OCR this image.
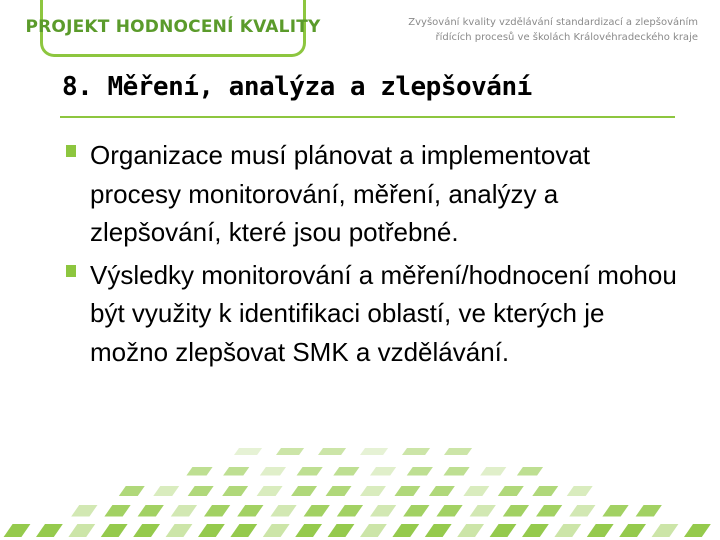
PROJEKT HODNOCENÍ KVALITY	Zvyšování kvality vzdělávání standardizací a zlepšováním
řídících procesů ve školách Královéhradeckého kraje
8. Měření, analýza a zlepšování
Organizace musí plánovat a implementovat procesy monitorování, měření, analýzy a zlepšování, které jsou potřebné.
Výsledky monitorování a měření/hodnocení mohou být využity k identifikaci oblastí, ve kterých je možno zlepšovat SMK a vzdělávání.
